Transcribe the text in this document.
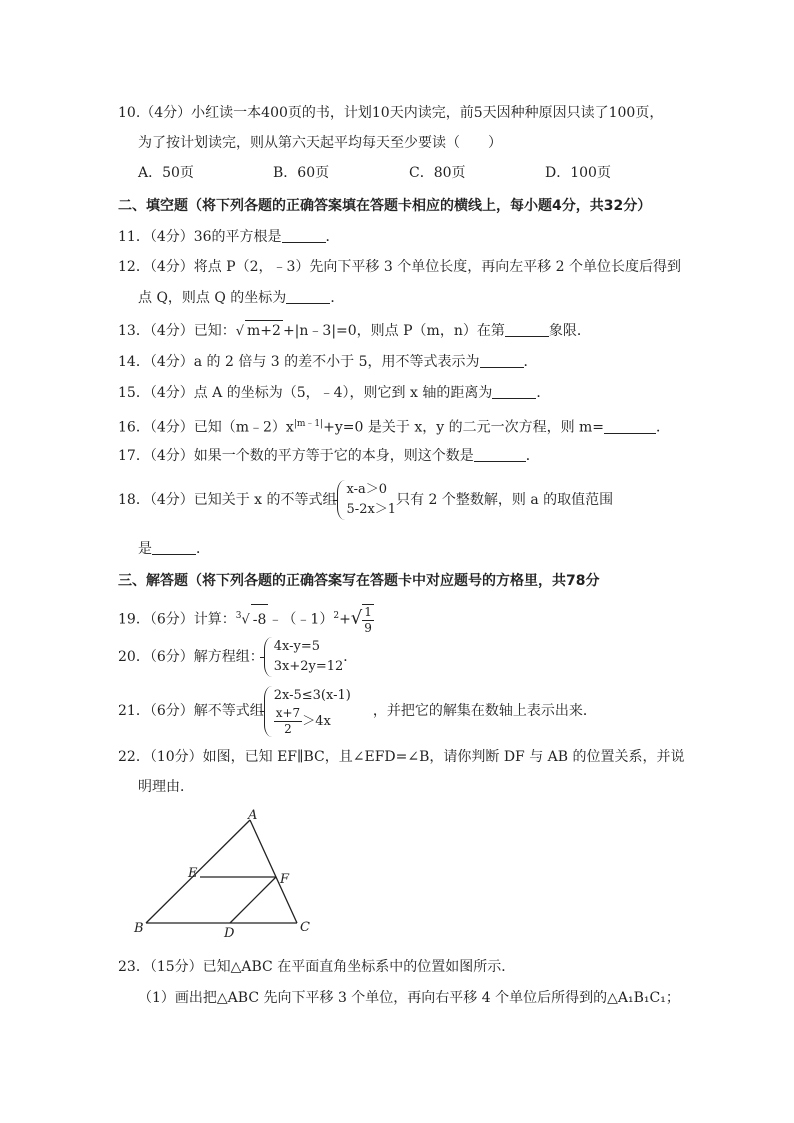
10.（4分）小红读一本400页的书，计划10天内读完，前5天因种种原因只读了100页，
为了按计划读完，则从第六天起平均每天至少要读（　　）
A．50页	B．60页	C．80页	D．100页
二、填空题（将下列各题的正确答案填在答题卡相应的横线上，每小题4分，共32分）
11．（4分）36的平方根是	．
12．（4分）将点 P（2，﹣3）先向下平移 3 个单位长度，再向左平移 2 个单位长度后得到
点 Q，则点 Q 的坐标为	．
13．（4分）已知：√ m+2 +|n﹣3|=0，则点 P（m，n）在第	象限．
14．（4分）a 的 2 倍与 3 的差不小于 5，用不等式表示为	．
15．（4分）点 A 的坐标为（5，﹣4），则它到 x 轴的距离为	．
16．（4分）已知$(m﹣2)x^{|m﹣1|}+y=0$ 是关于 x，y 的二元一次方程，则 m=	．
17．（4分）如果一个数的平方等于它的本身，则这个数是	．
18．（4分）已知关于 x 的不等式组
x-a＞0
5-2x＞1
只有 2 个整数解，则 a 的取值范围
是	．
三、解答题（将下列各题的正确答案写在答题卡中对应题号的方格里，共78分
19．（6分）计算：$^3$√ -8 ﹣（﹣1）$^2$+√ $\frac{1}{9}$
20．（6分）解方程组：
4x-y=5
3x+2y=12
．
21．（6分）解不等式组
2x-5≤3(x-1)
$\frac{x+7}{2} >4x$
，并把它的解集在数轴上表示出来．
22．（10分）如图，已知 EF∥BC，且∠EFD=∠B，请你判断 DF 与 AB 的位置关系，并说
明理由．
A
B	C
D
E	F
23．（15分）已知△ABC 在平面直角坐标系中的位置如图所示．
（1）画出把△ABC 先向下平移 3 个单位，再向右平移 4 个单位后所得到的△A₁B₁C₁；
